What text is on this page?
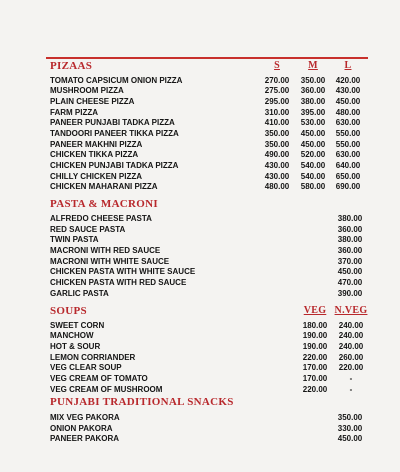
PIZAAS	S	M	L
TOMATO CAPSICUM ONION PIZZA	270.00	350.00	420.00
MUSHROOM PIZZA	275.00	360.00	430.00
PLAIN CHEESE PIZZA	295.00	380.00	450.00
FARM PIZZA	310.00	395.00	480.00
PANEER PUNJABI TADKA PIZZA	410.00	530.00	630.00
TANDOORI PANEER TIKKA PIZZA	350.00	450.00	550.00
PANEER MAKHNI PIZZA	350.00	450.00	550.00
CHICKEN TIKKA PIZZA	490.00	520.00	630.00
CHICKEN PUNJABI TADKA PIZZA	430.00	540.00	640.00
CHILLY CHICKEN PIZZA	430.00	540.00	650.00
CHICKEN MAHARANI PIZZA	480.00	580.00	690.00
PASTA & MACRONI
ALFREDO CHEESE PASTA	380.00
RED SAUCE PASTA	360.00
TWIN PASTA	380.00
MACRONI WITH RED SAUCE	360.00
MACRONI WITH WHITE SAUCE	370.00
CHICKEN PASTA WITH WHITE SAUCE	450.00
CHICKEN PASTA WITH RED SAUCE	470.00
GARLIC PASTA	390.00
SOUPS	VEG N.VEG
SWEET CORN	180.00	240.00
MANCHOW	190.00	240.00
HOT & SOUR	190.00	240.00
LEMON CORRIANDER	220.00	260.00
VEG CLEAR SOUP	170.00	220.00
VEG CREAM OF TOMATO	170.00	-
VEG CREAM OF MUSHROOM	220.00	-
PUNJABI TRADITIONAL SNACKS
MIX VEG PAKORA	350.00
ONION PAKORA	330.00
PANEER PAKORA	450.00
